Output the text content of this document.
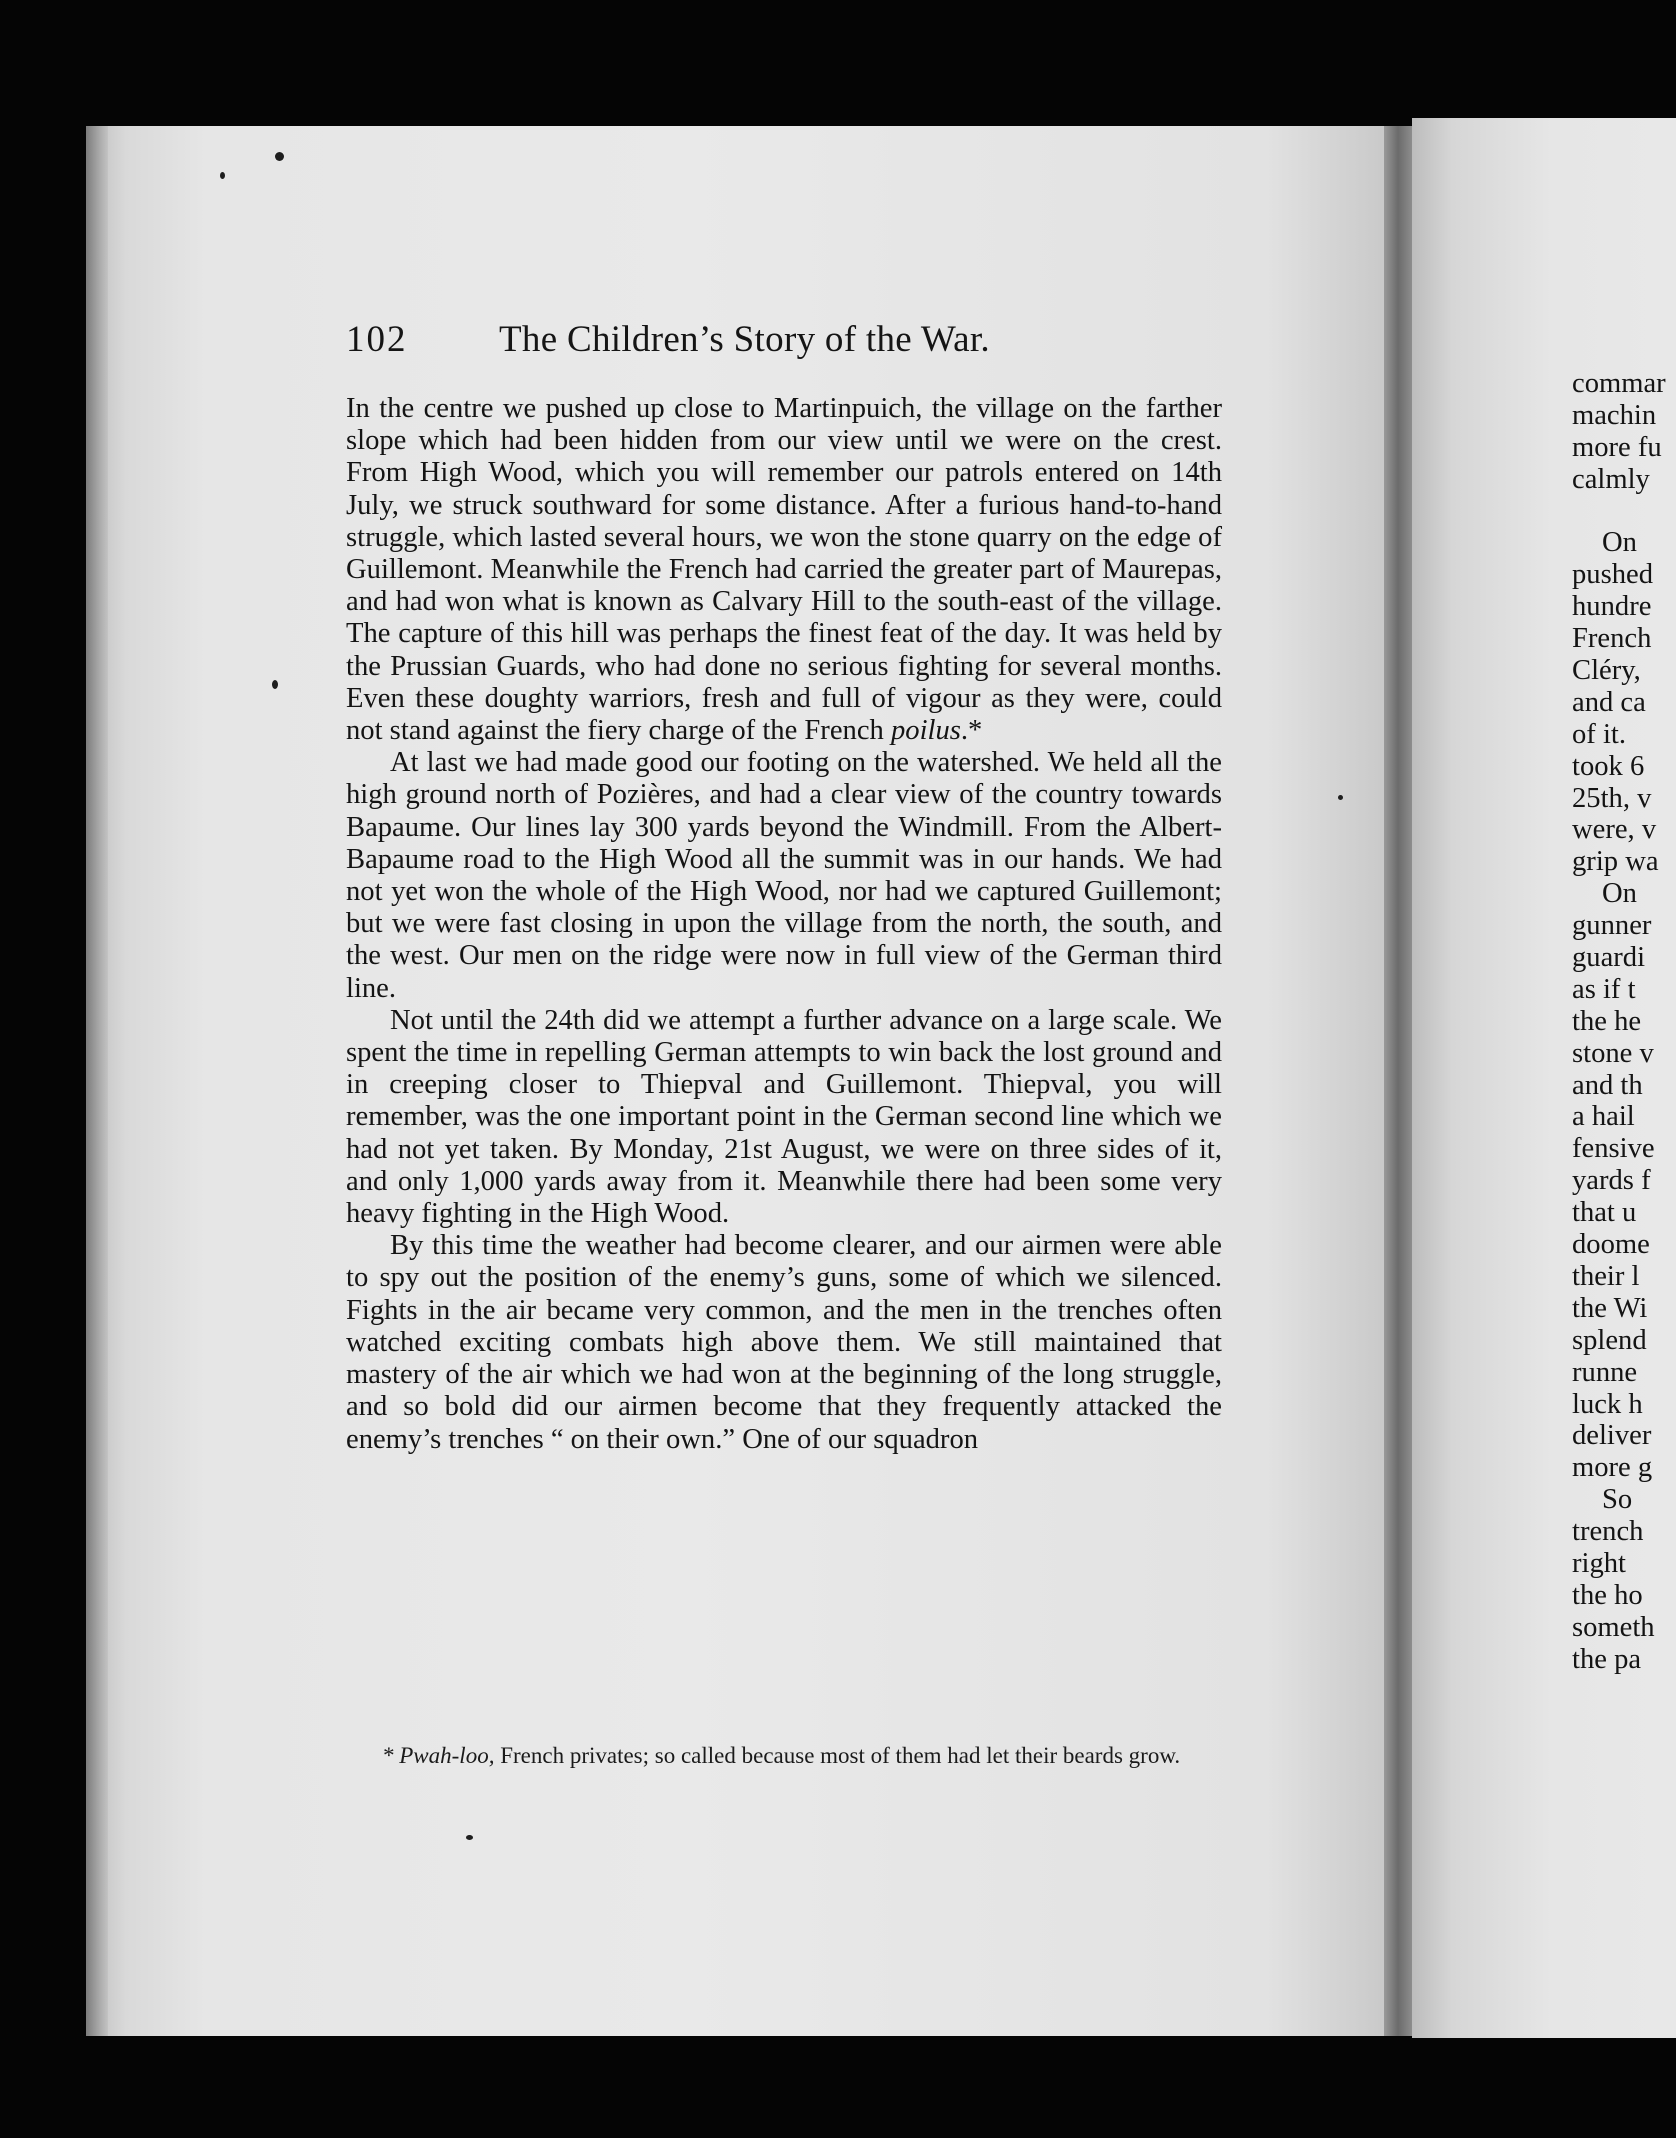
102 The Children’s Story of the War.

In the centre we pushed up close to Martinpuich, the village on the farther slope which had been hidden from our view until we were on the crest. From High Wood, which you will remember our patrols entered on 14th July, we struck southward for some distance. After a furious hand-to-hand struggle, which lasted several hours, we won the stone quarry on the edge of Guillemont. Meanwhile the French had carried the greater part of Maurepas, and had won what is known as Calvary Hill to the south-east of the village. The capture of this hill was perhaps the finest feat of the day. It was held by the Prussian Guards, who had done no serious fighting for several months. Even these doughty warriors, fresh and full of vigour as they were, could not stand against the fiery charge of the French poilus.*

At last we had made good our footing on the watershed. We held all the high ground north of Pozières, and had a clear view of the country towards Bapaume. Our lines lay 300 yards beyond the Windmill. From the Albert-Bapaume road to the High Wood all the summit was in our hands. We had not yet won the whole of the High Wood, nor had we captured Guillemont; but we were fast closing in upon the village from the north, the south, and the west. Our men on the ridge were now in full view of the German third line.

Not until the 24th did we attempt a further advance on a large scale. We spent the time in repelling German attempts to win back the lost ground and in creeping closer to Thiepval and Guillemont. Thiepval, you will remember, was the one important point in the German second line which we had not yet taken. By Monday, 21st August, we were on three sides of it, and only 1,000 yards away from it. Meanwhile there had been some very heavy fighting in the High Wood.

By this time the weather had become clearer, and our airmen were able to spy out the position of the enemy’s guns, some of which we silenced. Fights in the air became very common, and the men in the trenches often watched exciting combats high above them. We still maintained that mastery of the air which we had won at the beginning of the long struggle, and so bold did our airmen become that they frequently attacked the enemy’s trenches “ on their own.” One of our squadron

* Pwah-loo, French privates; so called because most of them had let their beards grow.
commar
machin
more fu
calmly
On
pushed
hundre
French
Cléry,
and ca
of it.
took 6
25th, v
were, v
grip wa
On
gunner
guardi
as if t
the he
stone v
and th
a hail
fensive
yards f
that u
doome
their l
the Wi
splend
runne
luck h
deliver
more g
So
trench
right
the ho
someth
the pa
